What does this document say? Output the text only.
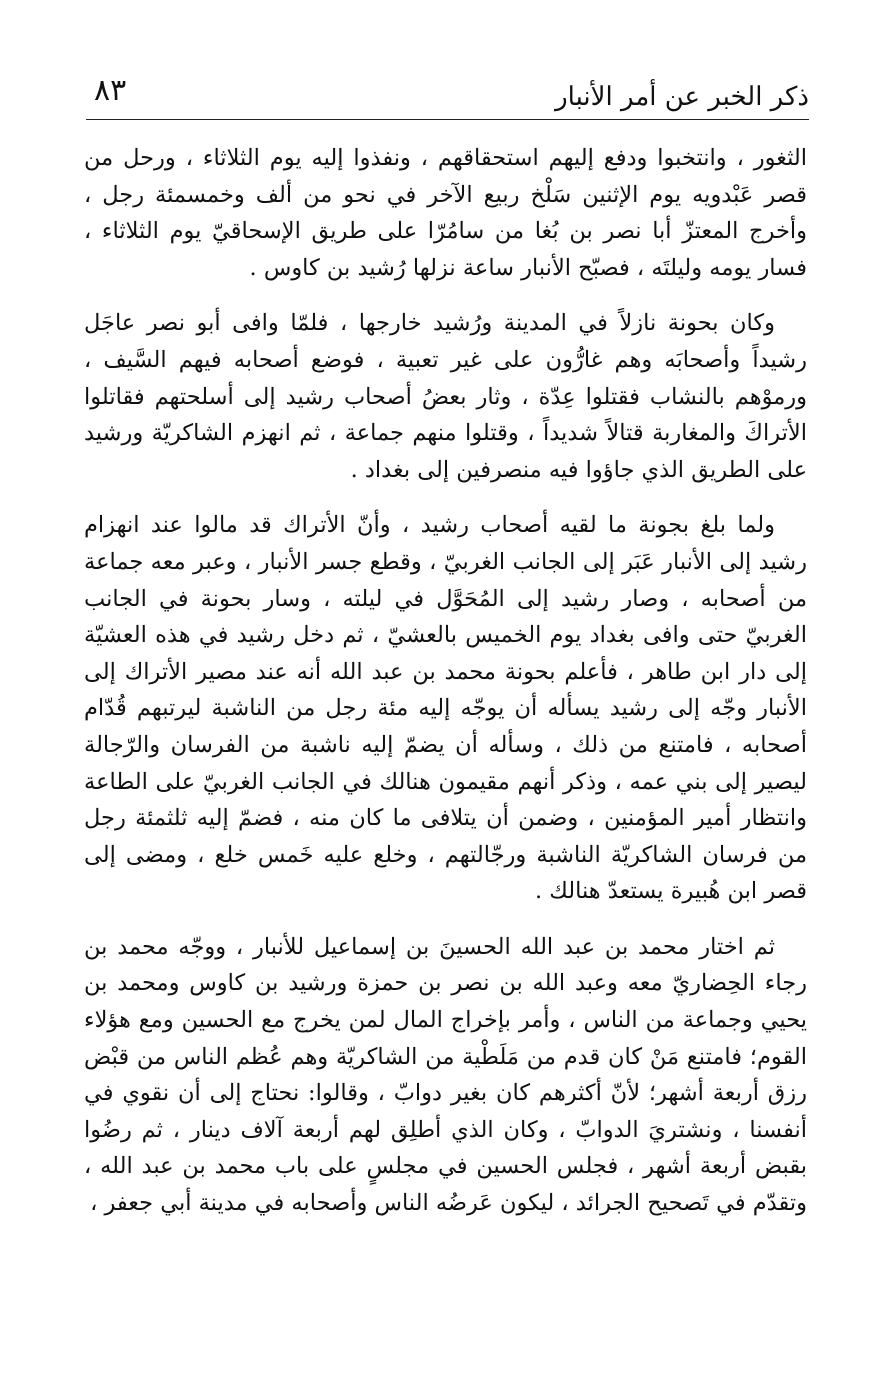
ذكر الخبر عن أمر الأنبار
٨٣

الثغور ، وانتخبوا ودفع إليهم استحقاقهم ، ونفذوا إليه يوم الثلاثاء ، ورحل من قصر عَبْدويه يوم الإثنين سَلْخ ربيع الآخر في نحو من ألف وخمسمئة رجل ، وأخرج المعتزّ أبا نصر بن بُغا من سامُرّا على طريق الإسحاقيّ يوم الثلاثاء ، فسار يومه وليلتَه ، فصبّح الأنبار ساعة نزلها رُشيد بن كاوس .

وكان بحونة نازلاً في المدينة ورُشيد خارجها ، فلمّا وافى أبو نصر عاجَل رشيداً وأصحابَه وهم غارُّون على غير تعبية ، فوضع أصحابه فيهم السَّيف ، ورموْهم بالنشاب فقتلوا عِدّة ، وثار بعضُ أصحاب رشيد إلى أسلحتهم فقاتلوا الأتراكَ والمغاربة قتالاً شديداً ، وقتلوا منهم جماعة ، ثم انهزم الشاكريّة ورشيد على الطريق الذي جاؤوا فيه منصرفين إلى بغداد .

ولما بلغ بجونة ما لقيه أصحاب رشيد ، وأنّ الأتراك قد مالوا عند انهزام رشيد إلى الأنبار عَبَر إلى الجانب الغربيّ ، وقطع جسر الأنبار ، وعبر معه جماعة من أصحابه ، وصار رشيد إلى المُحَوَّل في ليلته ، وسار بحونة في الجانب الغربيّ حتى وافى بغداد يوم الخميس بالعشيّ ، ثم دخل رشيد في هذه العشيّة إلى دار ابن طاهر ، فأعلم بحونة محمد بن عبد الله أنه عند مصير الأتراك إلى الأنبار وجّه إلى رشيد يسأله أن يوجّه إليه مئة رجل من الناشبة ليرتبهم قُدّام أصحابه ، فامتنع من ذلك ، وسأله أن يضمّ إليه ناشبة من الفرسان والرّجالة ليصير إلى بني عمه ، وذكر أنهم مقيمون هنالك في الجانب الغربيّ على الطاعة وانتظار أمير المؤمنين ، وضمن أن يتلافى ما كان منه ، فضمّ إليه ثلثمئة رجل من فرسان الشاكريّة الناشبة ورجّالتهم ، وخلع عليه خَمس خلع ، ومضى إلى قصر ابن هُبيرة يستعدّ هنالك .

ثم اختار محمد بن عبد الله الحسينَ بن إسماعيل للأنبار ، ووجّه محمد بن رجاء الحِضاريّ معه وعبد الله بن نصر بن حمزة ورشيد بن كاوس ومحمد بن يحيي وجماعة من الناس ، وأمر بإخراج المال لمن يخرج مع الحسين ومع هؤلاء القوم؛ فامتنع مَنْ كان قدم من مَلَطْية من الشاكريّة وهم عُظم الناس من قبْض رزق أربعة أشهر؛ لأنّ أكثرهم كان بغير دوابّ ، وقالوا: نحتاج إلى أن نقوي في أنفسنا ، ونشتريَ الدوابّ ، وكان الذي أطلِق لهم أربعة آلاف دينار ، ثم رضُوا بقبض أربعة أشهر ، فجلس الحسين في مجلسٍ على باب محمد بن عبد الله ، وتقدّم في تَصحيح الجرائد ، ليكون عَرضُه الناس وأصحابه في مدينة أبي جعفر ،
